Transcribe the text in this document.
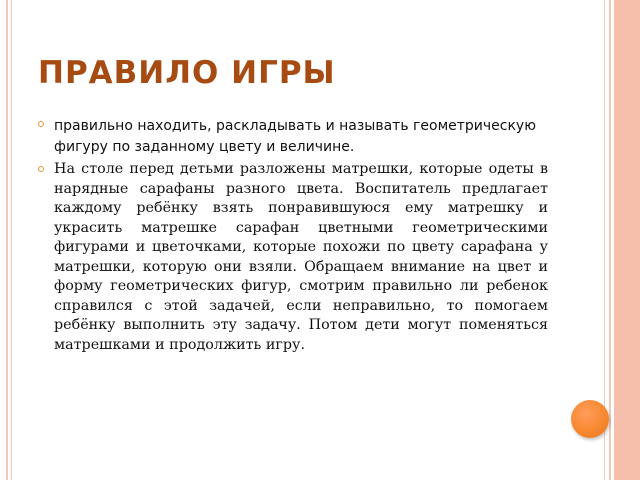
ПРАВИЛО ИГРЫ
правильно находить, раскладывать и называть геометрическую фигуру по заданному цвету и величине.
На столе перед детьми разложены матрешки, которые одеты в нарядные сарафаны разного цвета. Воспитатель предлагает каждому ребёнку взять понравившуюся ему матрешку и украсить матрешке сарафан цветными геометрическими фигурами и цветочками, которые похожи по цвету сарафана у матрешки, которую они взяли. Обращаем внимание на цвет и форму геометрических фигур, смотрим правильно ли ребенок справился с этой задачей, если неправильно, то помогаем ребёнку выполнить эту задачу. Потом дети могут поменяться матрешками и продолжить игру.
